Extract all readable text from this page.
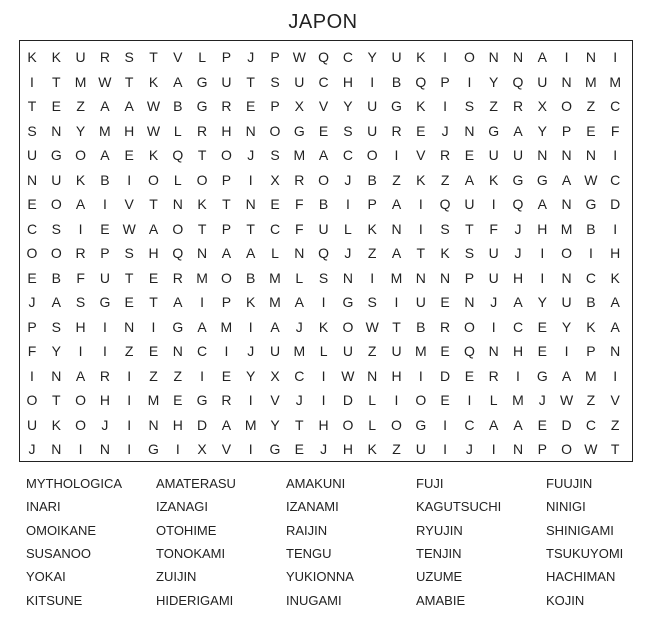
JAPON
K	K	U	R	S	T	V	L	P	J	P W Q C	Y	U	K	I	O N	N	A	I	N	I
I	T	M W T	K	A	G U	T	S	U	C	H	I	B	Q	P	I	Y	Q U	N M M
T	E	Z	A	A W B	G R	E	P	X	V	Y	U G	K	I	S	Z	R	X	O	Z	C
S	N	Y M H W L	R	H	N O G	E	S	U	R	E	J	N G	A	Y	P	E	F
U G O	A	E	K	Q	T	O	J	S M A	C O	I	V	R	E	U	U	N	N	N	I
N	U	K	B	I	O	L	O	P	I	X	R O	J	B	Z	K	Z	A	K	G G	A W C
E	O	A	I	V	T	N	K	T	N	E	F	B	I	P	A	I	Q U	I	Q	A	N G D
C	S	I	E W A	O	T	P	T	C	F	U	L	K	N	I	S	T	F	J	H M B	I
O O R	P	S	H Q N	A	A	L	N Q	J	Z	A	T	K	S	U	J	I	O	I	H
E	B	F	U	T	E	R M O	B M	L	S	N	I	M N	N	P	U	H	I	N	C	K
J	A	S	G	E	T	A	I	P	K M A	I	G	S	I	U	E	N	J	A	Y	U	B	A
P	S	H	I	N	I	G	A M	I	A	J	K	O W T	B	R O	I	C	E	Y	K	A
F	Y	I	I	Z	E	N	C	I	J	U M	L	U	Z	U M E	Q N	H	E	I	P	N
I	N	A	R	I	Z	Z	I	E	Y	X	C	I	W N	H	I	D	E	R	I	G	A M	I
O	T	O H	I	M E	G R	I	V	J	I	D	L	I	O	E	I	L	M	J	W Z	V
U	K	O	J	I	N	H	D	A M Y	T	H O	L	O G	I	C	A	A	E	D	C	Z
J	N	I	N	I	G	I	X	V	I	G	E	J	H	K	Z	U	I	J	I	N	P	O W T
MYTHOLOGICA	AMATERASU	AMAKUNI	FUJI	FUUJIN
INARI	IZANAGI	IZANAMI	KAGUTSUCHI	NINIGI
OMOIKANE	OTOHIME	RAIJIN	RYUJIN	SHINIGAMI
SUSANOO	TONOKAMI	TENGU	TENJIN	TSUKUYOMI
YOKAI	ZUIJIN	YUKIONNA	UZUME	HACHIMAN
KITSUNE	HIDERIGAMI	INUGAMI	AMABIE	KOJIN
